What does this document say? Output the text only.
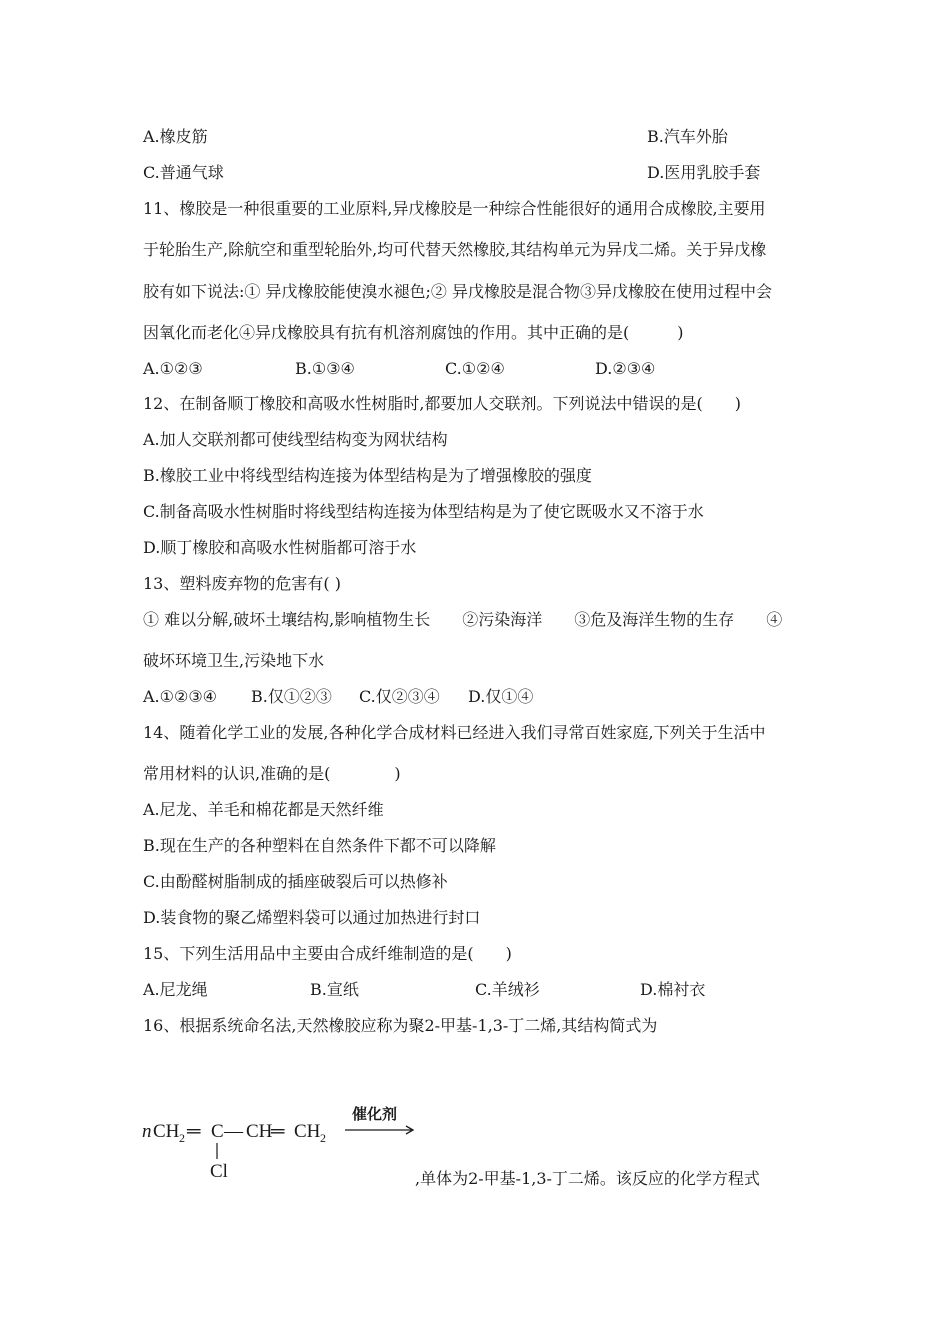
A.橡皮筋	B.汽车外胎
C.普通气球	D.医用乳胶手套
11、橡胶是一种很重要的工业原料,异戊橡胶是一种综合性能很好的通用合成橡胶,主要用
于轮胎生产,除航空和重型轮胎外,均可代替天然橡胶,其结构单元为异戊二烯。关于异戊橡
胶有如下说法:① 异戊橡胶能使溴水褪色;② 异戊橡胶是混合物③异戊橡胶在使用过程中会
因氧化而老化④异戊橡胶具有抗有机溶剂腐蚀的作用。其中正确的是(　　　)
A.①②③	B.①③④	C.①②④	D.②③④
12、在制备顺丁橡胶和高吸水性树脂时,都要加人交联剂。下列说法中错误的是(　　)
A.加人交联剂都可使线型结构变为网状结构
B.橡胶工业中将线型结构连接为体型结构是为了增强橡胶的强度
C.制备高吸水性树脂时将线型结构连接为体型结构是为了使它既吸水又不溶于水
D.顺丁橡胶和高吸水性树脂都可溶于水
13、塑料废弃物的危害有( )
① 难以分解,破坏土壤结构,影响植物生长　　②污染海洋　　③危及海洋生物的生存　　④
破坏环境卫生,污染地下水
A.①②③④ B.仅①②③ C.仅②③④ D.仅①④
14、随着化学工业的发展,各种化学合成材料已经进入我们寻常百姓家庭,下列关于生活中
常用材料的认识,准确的是(　　　　)
A.尼龙、羊毛和棉花都是天然纤维
B.现在生产的各种塑料在自然条件下都不可以降解
C.由酚醛树脂制成的插座破裂后可以热修补
D.装食物的聚乙烯塑料袋可以通过加热进行封口
15、下列生活用品中主要由合成纤维制造的是(　　)
A.尼龙绳	B.宣纸	C.羊绒衫	D.棉衬衣
16、根据系统命名法,天然橡胶应称为聚2-甲基-1,3-丁二烯,其结构简式为
n CH 2 ═ C — CH
═ CH 2
Cl
催化剂
,单体为2-甲基-1,3-丁二烯。该反应的化学方程式
